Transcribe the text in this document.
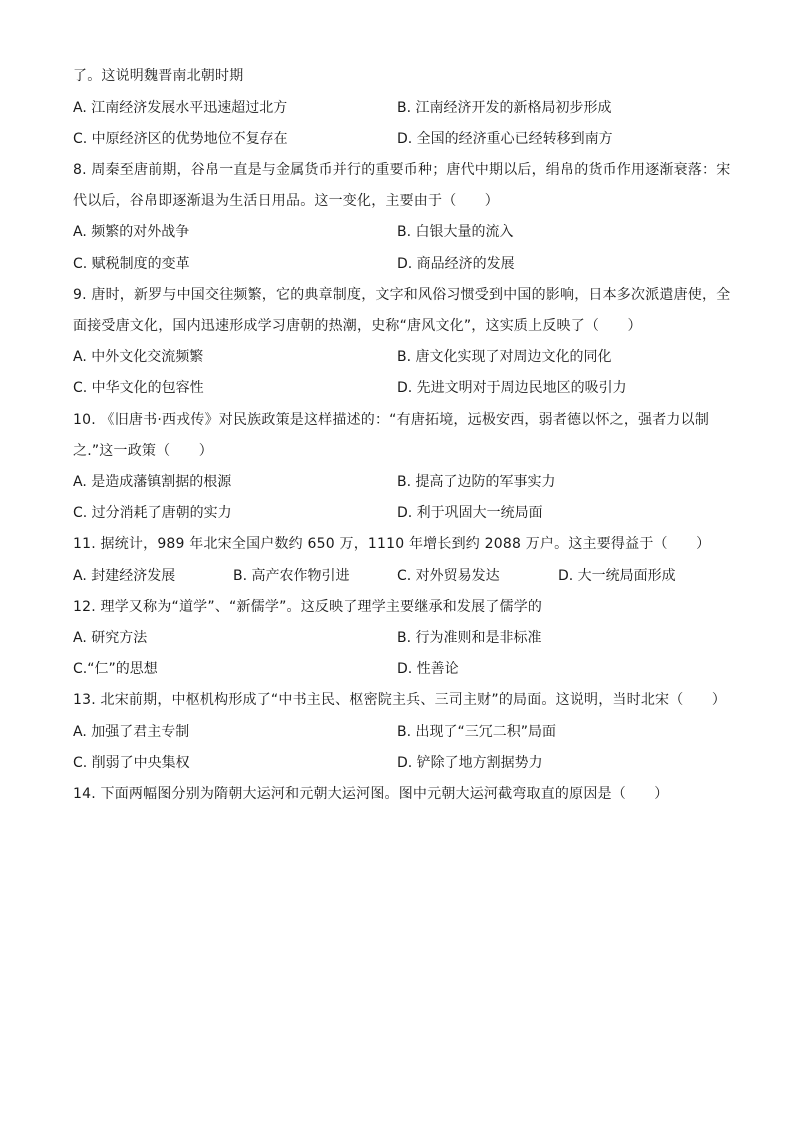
了。这说明魏晋南北朝时期
A. 江南经济发展水平迅速超过北方	B. 江南经济开发的新格局初步形成
C. 中原经济区的优势地位不复存在	D. 全国的经济重心已经转移到南方
8. 周秦至唐前期，谷帛一直是与金属货币并行的重要币种；唐代中期以后，绢帛的货币作用逐渐衰落：宋
代以后，谷帛即逐渐退为生活日用品。这一变化，主要由于（　　）
A. 频繁的对外战争	B. 白银大量的流入
C. 赋税制度的变革	D. 商品经济的发展
9. 唐时，新罗与中国交往频繁，它的典章制度，文字和风俗习惯受到中国的影响，日本多次派遣唐使，全
面接受唐文化，国内迅速形成学习唐朝的热潮，史称“唐风文化”，这实质上反映了（　　）
A. 中外文化交流频繁	B. 唐文化实现了对周边文化的同化
C. 中华文化的包容性	D. 先进文明对于周边民地区的吸引力
10. 《旧唐书·西戎传》对民族政策是这样描述的：“有唐拓境，远极安西，弱者德以怀之，强者力以制
之.”这一政策（　　）
A. 是造成藩镇割据的根源	B. 提高了边防的军事实力
C. 过分消耗了唐朝的实力	D. 利于巩固大一统局面
11. 据统计，989 年北宋全国户数约 650 万，1110 年增长到约 2088 万户。这主要得益于（　　）
A. 封建经济发展	B. 高产农作物引进	C. 对外贸易发达	D. 大一统局面形成
12. 理学又称为“道学”、“新儒学”。这反映了理学主要继承和发展了儒学的
A. 研究方法	B. 行为准则和是非标准
C.“仁”的思想	D. 性善论
13. 北宋前期，中枢机构形成了“中书主民、枢密院主兵、三司主财”的局面。这说明，当时北宋（　　）
A. 加强了君主专制	B. 出现了“三冗二积”局面
C. 削弱了中央集权	D. 铲除了地方割据势力
14. 下面两幅图分别为隋朝大运河和元朝大运河图。图中元朝大运河截弯取直的原因是（　　）
